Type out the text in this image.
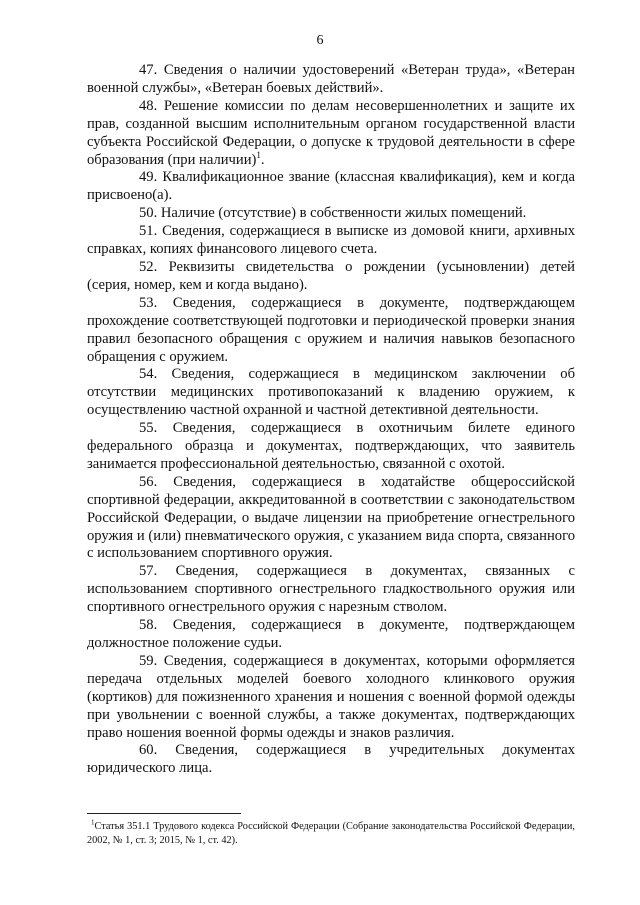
6

47. Сведения о наличии удостоверений «Ветеран труда», «Ветеран военной службы», «Ветеран боевых действий».

48. Решение комиссии по делам несовершеннолетних и защите их прав, созданной высшим исполнительным органом государственной власти субъекта Российской Федерации, о допуске к трудовой деятельности в сфере образования (при наличии)$^1$.

49. Квалификационное звание (классная квалификация), кем и когда присвоено(а).

50. Наличие (отсутствие) в собственности жилых помещений.

51. Сведения, содержащиеся в выписке из домовой книги, архивных справках, копиях финансового лицевого счета.

52. Реквизиты свидетельства о рождении (усыновлении) детей (серия, номер, кем и когда выдано).

53. Сведения, содержащиеся в документе, подтверждающем прохождение соответствующей подготовки и периодической проверки знания правил безопасного обращения с оружием и наличия навыков безопасного обращения с оружием.

54. Сведения, содержащиеся в медицинском заключении об отсутствии медицинских противопоказаний к владению оружием, к осуществлению частной охранной и частной детективной деятельности.

55. Сведения, содержащиеся в охотничьим билете единого федерального образца и документах, подтверждающих, что заявитель занимается профессиональной деятельностью, связанной с охотой.

56. Сведения, содержащиеся в ходатайстве общероссийской спортивной федерации, аккредитованной в соответствии с законодательством Российской Федерации, о выдаче лицензии на приобретение огнестрельного оружия и (или) пневматического оружия, с указанием вида спорта, связанного с использованием спортивного оружия.

57. Сведения, содержащиеся в документах, связанных с использованием спортивного огнестрельного гладкоствольного оружия или спортивного огнестрельного оружия с нарезным стволом.

58. Сведения, содержащиеся в документе, подтверждающем должностное положение судьи.

59. Сведения, содержащиеся в документах, которыми оформляется передача отдельных моделей боевого холодного клинкового оружия (кортиков) для пожизненного хранения и ношения с военной формой одежды при увольнении с военной службы, а также документах, подтверждающих право ношения военной формы одежды и знаков различия.

60. Сведения, содержащиеся в учредительных документах юридического лица.

$^1$Статья 351.1 Трудового кодекса Российской Федерации (Собрание законодательства Российской Федерации, 2002, № 1, ст. 3; 2015, № 1, ст. 42).
